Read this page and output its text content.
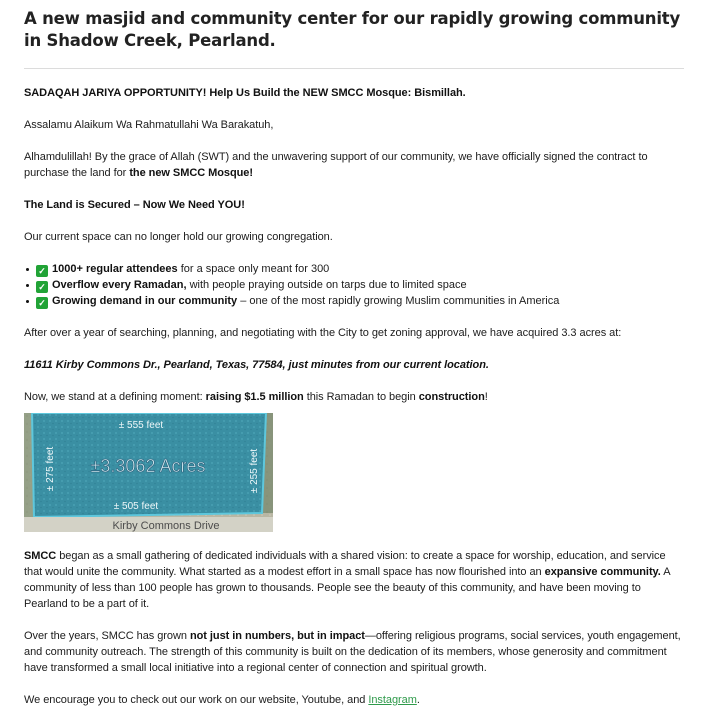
A new masjid and community center for our rapidly growing community in Shadow Creek, Pearland.

SADAQAH JARIYA OPPORTUNITY! Help Us Build the NEW SMCC Mosque: Bismillah.

Assalamu Alaikum Wa Rahmatullahi Wa Barakatuh,

Alhamdulillah! By the grace of Allah (SWT) and the unwavering support of our community, we have officially signed the contract to purchase the land for the new SMCC Mosque!

The Land is Secured – Now We Need YOU!

Our current space can no longer hold our growing congregation.

✓ 1000+ regular attendees for a space only meant for 300
✓ Overflow every Ramadan, with people praying outside on tarps due to limited space
✓ Growing demand in our community – one of the most rapidly growing Muslim communities in America

After over a year of searching, planning, and negotiating with the City to get zoning approval, we have acquired 3.3 acres at:

11611 Kirby Commons Dr., Pearland, Texas, 77584, just minutes from our current location.

Now, we stand at a defining moment: raising $1.5 million this Ramadan to begin construction!

± 555 feet
±3.3062 Acres
± 275 feet	± 255 feet
± 505 feet
Kirby Commons Drive

SMCC began as a small gathering of dedicated individuals with a shared vision: to create a space for worship, education, and service that would unite the community. What started as a modest effort in a small space has now flourished into an expansive community. A community of less than 100 people has grown to thousands. People see the beauty of this community, and have been moving to Pearland to be a part of it.

Over the years, SMCC has grown not just in numbers, but in impact—offering religious programs, social services, youth engagement, and community outreach. The strength of this community is built on the dedication of its members, whose generosity and commitment have transformed a small local initiative into a regional center of connection and spiritual growth.

We encourage you to check out our work on our website, Youtube, and Instagram.
